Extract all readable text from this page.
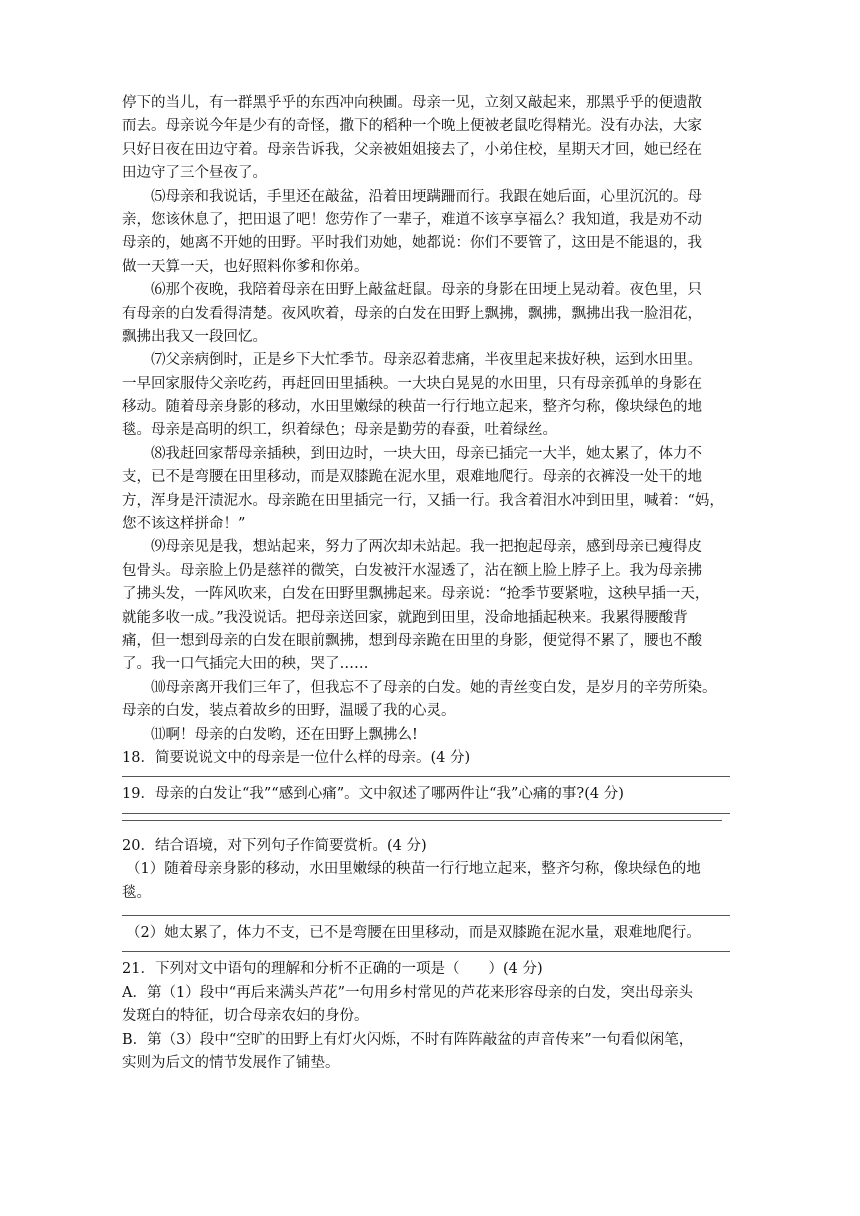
停下的当儿，有一群黑乎乎的东西冲向秧圃。母亲一见，立刻又敲起来，那黑乎乎的便遗散
而去。母亲说今年是少有的奇怪，撒下的稻种一个晚上便被老鼠吃得精光。没有办法，大家
只好日夜在田边守着。母亲告诉我，父亲被姐姐接去了，小弟住校，星期天才回，她已经在
田边守了三个昼夜了。
⑸母亲和我说话，手里还在敲盆，沿着田埂蹒跚而行。我跟在她后面，心里沉沉的。母
亲，您该休息了，把田退了吧！您劳作了一辈子，难道不该享享福么？我知道，我是劝不动
母亲的，她离不开她的田野。平时我们劝她，她都说：你们不要管了，这田是不能退的，我
做一天算一天，也好照料你爹和你弟。
⑹那个夜晚，我陪着母亲在田野上敲盆赶鼠。母亲的身影在田埂上晃动着。夜色里，只
有母亲的白发看得清楚。夜风吹着，母亲的白发在田野上飘拂，飘拂，飘拂出我一脸泪花，
飘拂出我又一段回忆。
⑺父亲病倒时，正是乡下大忙季节。母亲忍着悲痛，半夜里起来拔好秧，运到水田里。
一早回家服侍父亲吃药，再赶回田里插秧。一大块白晃晃的水田里，只有母亲孤单的身影在
移动。随着母亲身影的移动，水田里嫩绿的秧苗一行行地立起来，整齐匀称，像块绿色的地
毯。母亲是高明的织工，织着绿色；母亲是勤劳的春蚕，吐着绿丝。
⑻我赶回家帮母亲插秧，到田边时，一块大田，母亲已插完一大半，她太累了，体力不
支，已不是弯腰在田里移动，而是双膝跪在泥水里，艰难地爬行。母亲的衣裤没一处干的地
方，浑身是汗渍泥水。母亲跪在田里插完一行，又插一行。我含着泪水冲到田里，喊着：“妈，
您不该这样拼命！”
⑼母亲见是我，想站起来，努力了两次却未站起。我一把抱起母亲，感到母亲已瘦得皮
包骨头。母亲脸上仍是慈祥的微笑，白发被汗水湿透了，沾在额上脸上脖子上。我为母亲拂
了拂头发，一阵风吹来，白发在田野里飘拂起来。母亲说：“抢季节要紧啦，这秧早插一天，
就能多收一成。”我没说话。把母亲送回家，就跑到田里，没命地插起秧来。我累得腰酸背
痛，但一想到母亲的白发在眼前飘拂，想到母亲跪在田里的身影，便觉得不累了，腰也不酸
了。我一口气插完大田的秧，哭了……
⑽母亲离开我们三年了，但我忘不了母亲的白发。她的青丝变白发，是岁月的辛劳所染。
母亲的白发，装点着故乡的田野，温暖了我的心灵。
⑾啊！母亲的白发哟，还在田野上飘拂么!
18．简要说说文中的母亲是一位什么样的母亲。(4 分)
19．母亲的白发让“我”“感到心痛”。文中叙述了哪两件让“我”心痛的事?(4 分)
20．结合语境，对下列句子作简要赏析。(4 分)
（1）随着母亲身影的移动，水田里嫩绿的秧苗一行行地立起来，整齐匀称，像块绿色的地
毯。
（2）她太累了，体力不支，已不是弯腰在田里移动，而是双膝跪在泥水量，艰难地爬行。
21．下列对文中语句的理解和分析不正确的一项是（　　）(4 分)
A．第（1）段中“再后来满头芦花”一句用乡村常见的芦花来形容母亲的白发，突出母亲头
发斑白的特征，切合母亲农妇的身份。
B．第（3）段中“空旷的田野上有灯火闪烁，不时有阵阵敲盆的声音传来”一句看似闲笔，
实则为后文的情节发展作了铺垫。
